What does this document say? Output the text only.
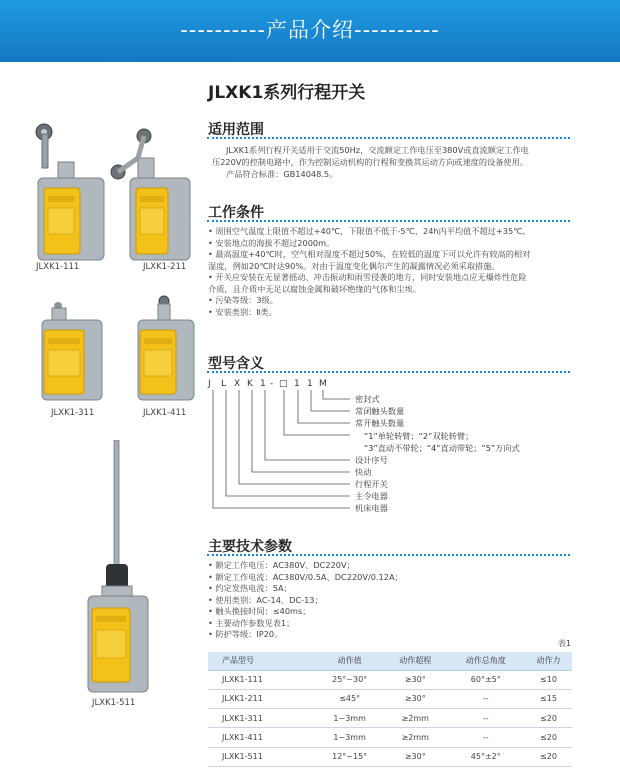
----------产品介绍----------
JLXK1系列行程开关
JLXK1-111	JLXK1-211
JLXK1-311	JLXK1-411
JLXK1-511
适用范围

JLXK1系列行程开关适用于交流50Hz，交流额定工作电压至380V或直流额定工作电

压220V的控制电路中，作为控制运动机构的行程和变换其运动方向或速度的设备使用。

产品符合标准：GB14048.5。

工作条件

• 周围空气温度上限值不超过+40℃，下限值不低于-5℃，24h内平均值不超过+35℃。

• 安装地点的海拔不超过2000m。

• 最高温度+40℃时，空气相对湿度不超过50%，在较低的温度下可以允许有较高的相对

湿度，例如20℃时达90%。对由于温度变化偶尔产生的凝露情况必须采取措施。

• 开关应安装在无显著摇动、冲击振动和雨雪侵袭的地方，同时安装地点应无爆炸性危险

介质，且介质中无足以腐蚀金属和破坏绝缘的气体和尘埃。

• 污染等级：3级。

• 安装类别：Ⅱ类。

型号含义
J L X K 1 - □ 1 1 M
密封式
常闭触头数量
常开触头数量
“1”单轮转臂；“2”双轮转臂；
“3”直动不带轮；“4”直动带轮；“5”万向式
设计序号
快动
行程开关
主令电器
机床电器
主要技术参数

• 额定工作电压：AC380V、DC220V；

• 额定工作电流：AC380V/0.5A、DC220V/0.12A；

• 约定发热电流：5A；

• 使用类别：AC-14、DC-13；

• 触头换接时间：≤40ms；

• 主要动作参数见表1；

• 防护等级：IP20。

表1
产品型号	动作值	动作超程	动作总角度	动作力
JLXK1-111	25°~30°	≥30°	60°±5°	≤10
JLXK1-211	≤45°	≥30°	--	≤15
JLXK1-311	1~3mm	≥2mm	--	≤20
JLXK1-411	1~3mm	≥2mm	--	≤20
JLXK1-511	12°~15°	≥30°	45°±2°	≤20
